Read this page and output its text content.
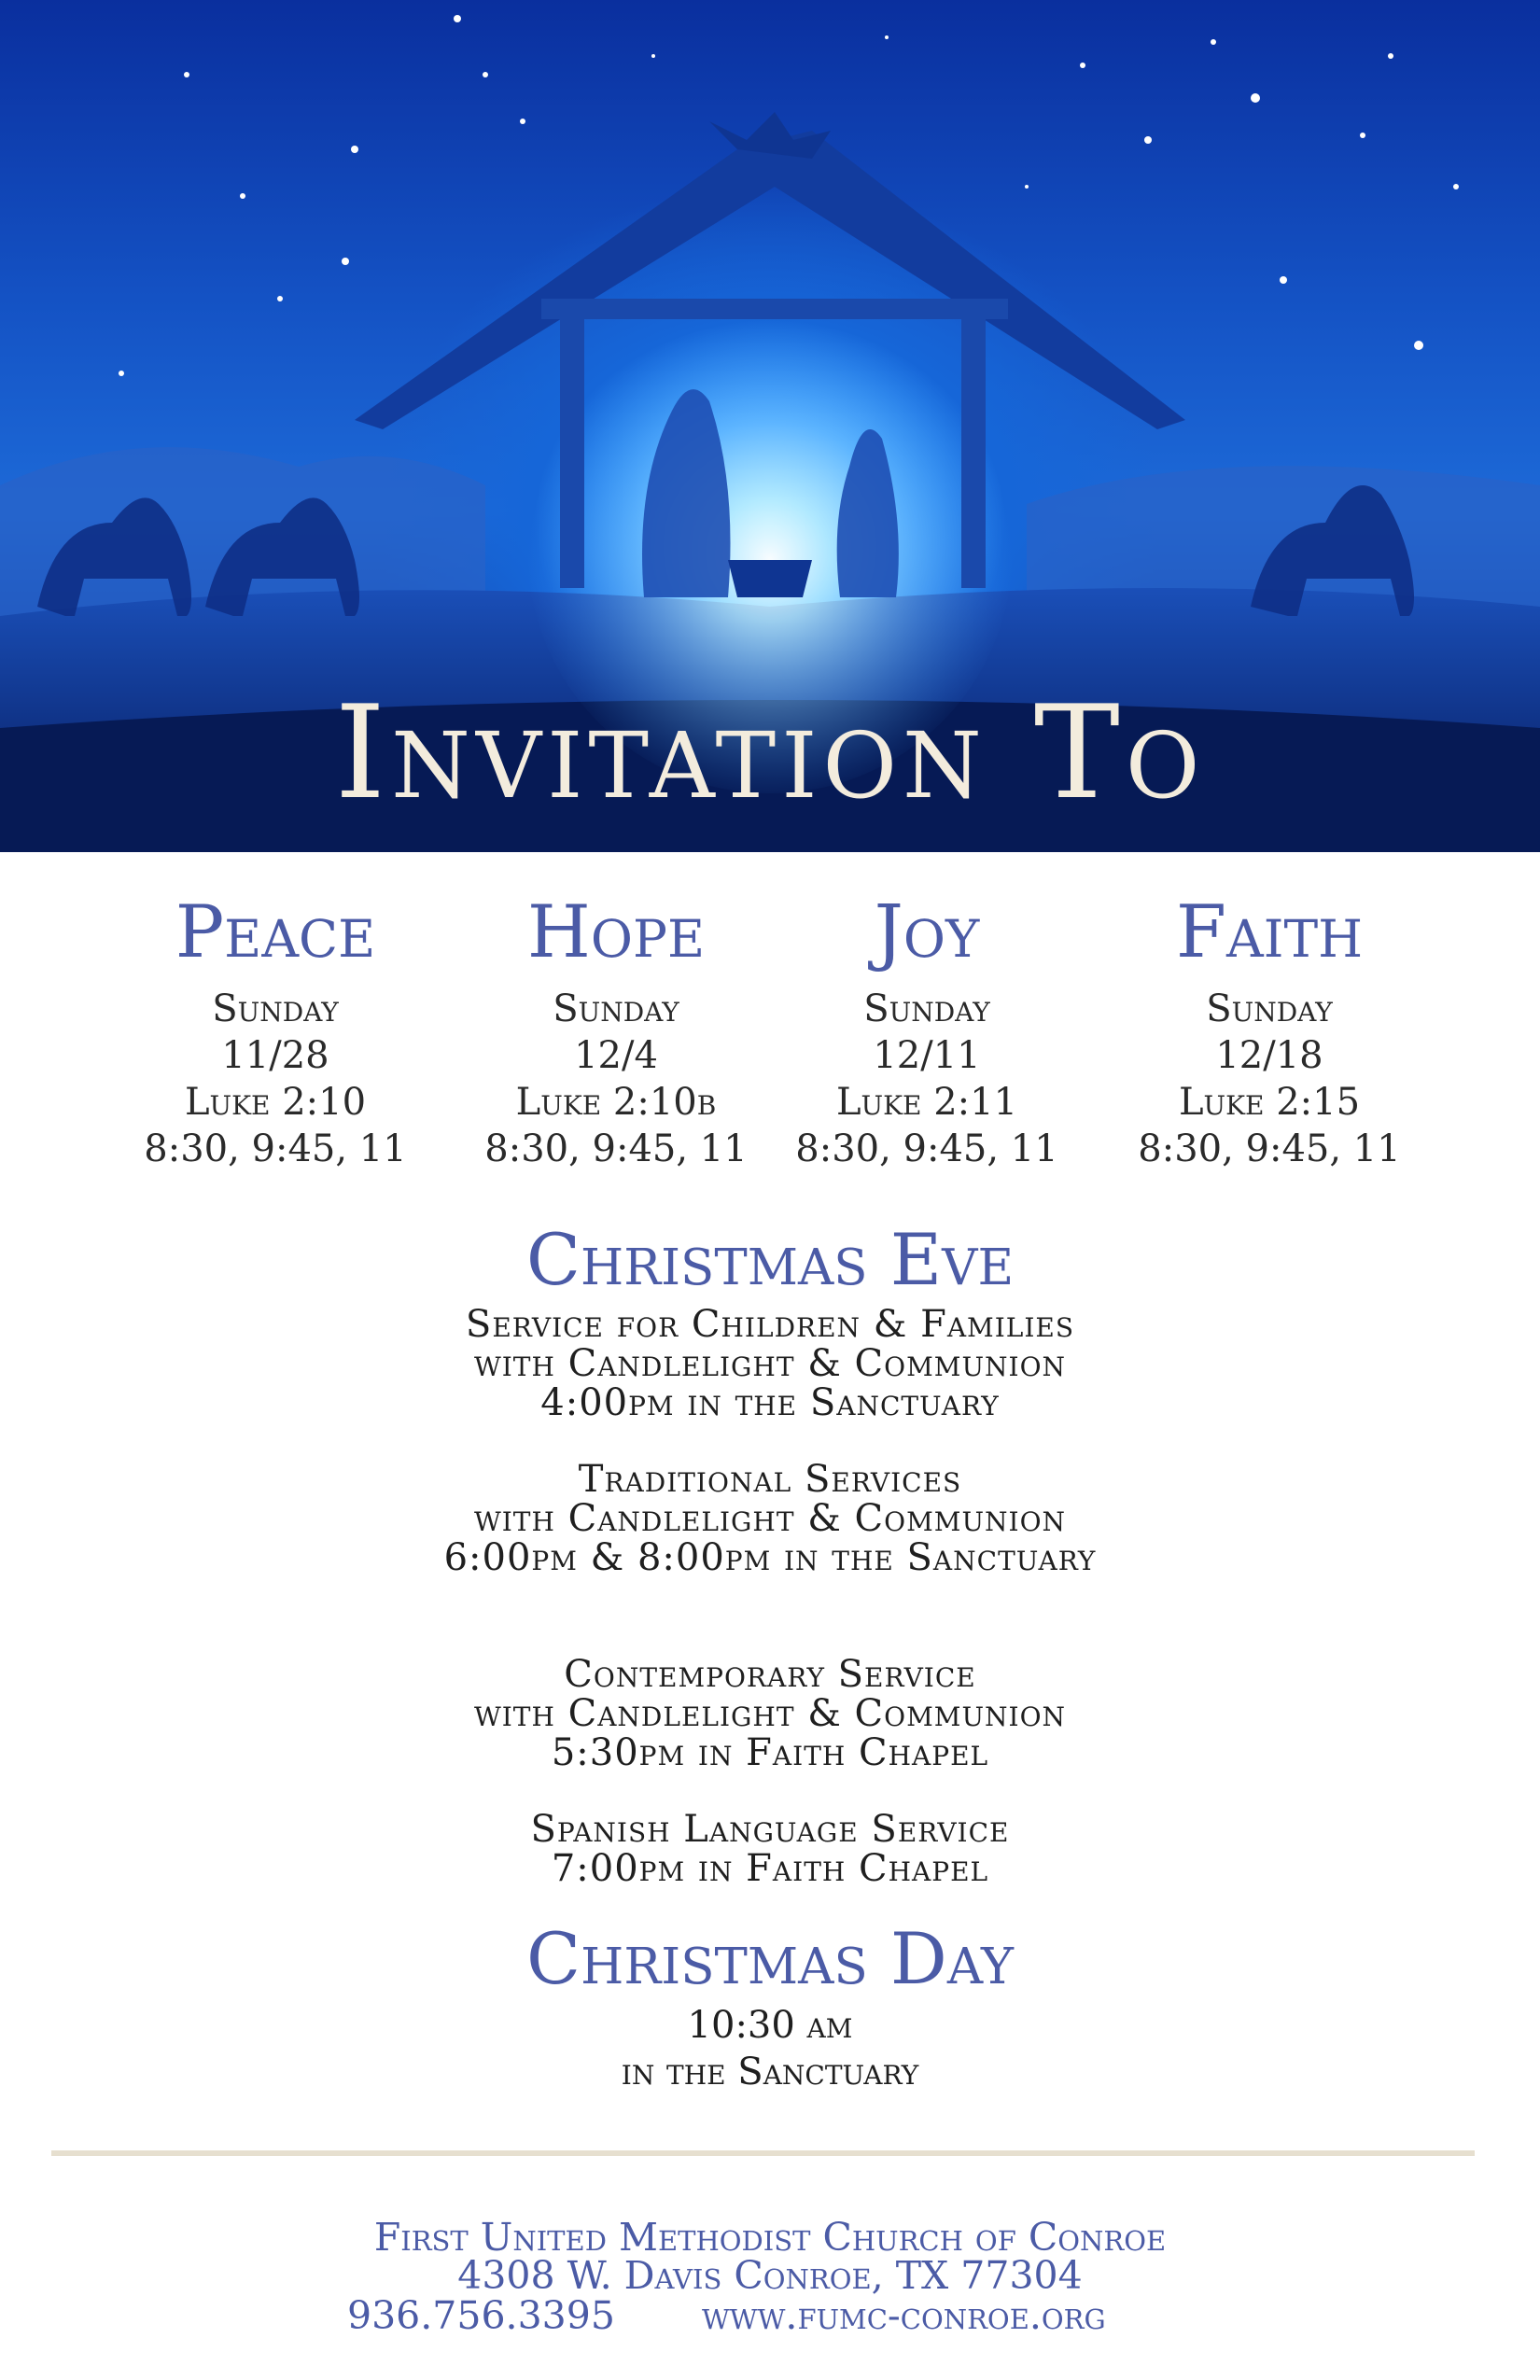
Invitation To
Peace
Sunday
11/28
Luke 2:10
8:30, 9:45, 11
Hope
Sunday
12/4
Luke 2:10b
8:30, 9:45, 11
Joy
Sunday
12/11
Luke 2:11
8:30, 9:45, 11
Faith
Sunday
12/18
Luke 2:15
8:30, 9:45, 11
Christmas Eve
Service for Children & Families
with Candlelight & Communion
4:00pm in the Sanctuary
Traditional Services
with Candlelight & Communion
6:00pm & 8:00pm in the Sanctuary
Contemporary Service
with Candlelight & Communion
5:30pm in Faith Chapel
Spanish Language Service
7:00pm in Faith Chapel
Christmas Day
10:30 am
in the Sanctuary
First United Methodist Church of Conroe
4308 W. Davis Conroe, TX 77304
936.756.3395 www.fumc-conroe.org
